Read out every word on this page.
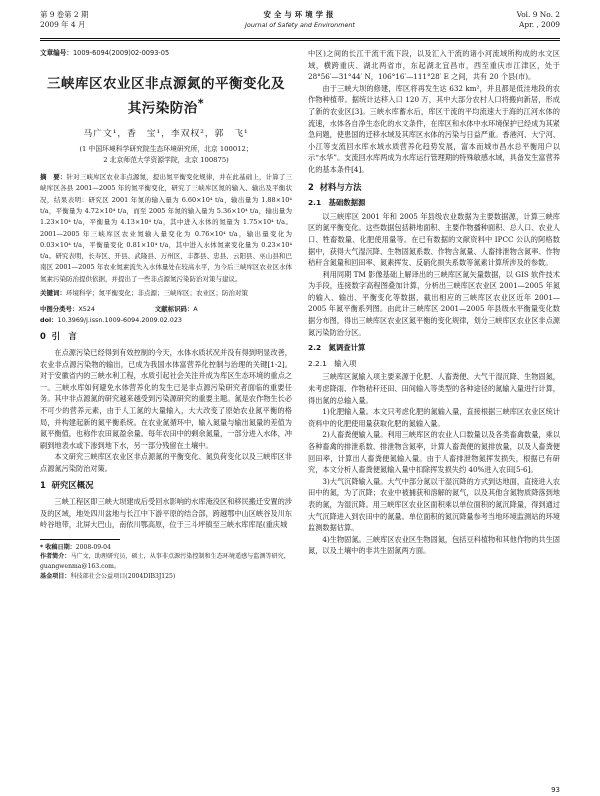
第 9 卷第 2 期
2009 年 4 月
安全与环境学报
Journal of Safety and Environment
Vol. 9 No. 2
Apr. , 2009

文章编号：1009-6094(2009)02-0093-05

三峡库区农业区非点源氮的平衡变化及其污染防治*
马广文¹，香　宝¹，李双权²，郭　飞¹
(1 中国环境科学研究院生态环境研究所，北京 100012；
2 北京师范大学资源学院，北京 100875)

摘　要：针对三峡库区农业非点源氮，提出氮平衡变化规律，并在此基础上，计算了三峡库区各县 2001—2005 年的氮平衡变化，研究了三峡库区氮的输入、输出及平衡状况，结果表明：研究区 2001 年氮的输入量为 6.60×10⁴ t/a，输出量为 1.88×10⁴ t/a，平衡量为 4.72×10⁴ t/a，而至 2005 年氮的输入量为 5.36×10⁴ t/a，输出量为 1.23×10⁴ t/a，平衡量为 4.13×10⁴ t/a，其中进入水体的氮量为 1.75×10⁴ t/a。2001—2005 年三峡库区农业氮输入量变化为 0.76×10⁴ t/a，输出量变化为 0.03×10⁴ t/a，平衡量变化 0.81×10⁴ t/a，其中进入水体氮素变化量为 0.23×10⁴ t/a。研究表明，长寿区、开县、武隆县、万州区、丰都县、忠县、云阳县、巫山县和巴南区 2001—2005 年农业氮素流失入水体量处在较高水平，为今后三峡库区农业区水体氮素污染防治提供依据，并提出了一些非点源氮污染防治对策与建议。

关键词：环境科学；氮平衡变化；非点源；三峡库区；农业区；防治对策

中图分类号：X524	文献标识码：A

doi：10.3969/j.issn.1009-6094.2009.02.023

0 引　言

在点源污染已经得到有效控制的今天，水体水质状况并没有得到明显改善，农业非点源污染物的输出，已成为我国水体富营养化控制与治理的关键[1-2]。对于安徽省内的三峡水利工程，水质引起社会关注并成为库区生态环境的重点之一。三峡水库如何避免水体营养化的发生已是非点源污染研究者面临的重要任务。其中非点源氮的研究越来越受到污染源研究的重要主题。氮是农作物生长必不可少的营养元素，由于人工氮的大量输入，大大改变了原始农业氮平衡的格局，并构建起新的氮平衡系统。在农业氮循环中，输入氮量与输出氮量的差值为氮平衡值，也称作农田氮盈余量。每年农田中的剩余氮量，一部分进入水体，冲刷到地表水或下渗到地下水，另一部分残留在土壤中。

本文研究三峡库区农业区非点源氮的平衡变化、氮负荷变化以及三峡库区非点源氮污染防治对策。

1 研究区概况

三峡工程区即三峡大坝建成后受回水影响的水库淹没区和移民搬迁安置的涉及的区域，地处四川盆地与长江中下游平原的结合部，跨越鄂中山区峡谷及川东岭谷地带，北屏大巴山，南依川鄂高原，位于三斗坪镇至三峡水库库尾(重庆城

* 收稿日期：2008-09-04

作者简介：马广文，助理研究员，硕士，从事非点源污染控制和生态环境遥感与监测等研究，guangwenma@163.com。

基金项目：科技部社会公益项目(2004DIB3J125)

中区)之间的长江干流干流下段，以及汇入干流的诸小河流域所构成的水文区域，横跨重庆、湖北两省市，东起湖北宜昌市，西至重庆市江津区，处于 28°56′—31°44′ N，106°16′—111°28′ E 之间，共有 20 个县(市)。

由于三峡大坝的修建，库区将再发生达 632 km²，并且都是低洼地段的农作物种植带。据统计达移入口 120 万，其中大部分农村人口将搬向新居，形成了新的农业区[3]。三峡水库蓄水后，库区干流的平均流速大于海的江河水体的流速，水体各自净生态化的水文条件，在库区和水体中水环境保护已经成为其紧急问题，使患国的迁移水域及其库区水体的污染与日益严重。香港河、大宁河、小江等支流回水库水域水质营养化趋势发展，富本而城市昌水总平衡用户以示“水华”。支流回水库两成为水库运行管理期的特殊敏感水域，具备发生富营养化的基本条件[4]。

2 材料与方法
2.1　基础数据源

以三峡库区 2001 年和 2005 年县级农业数据为主要数据源，计算三峡库区的氮平衡变化。这些数据包括耕地面积、主要作物播种面积、总人口、农业人口、牲畜数量、化肥使用量等。在已有数据的文献资料中 IPCC 公认的阿格数据中，获得大气湿沉降、生物固氮系数、作物含氮量、人畜排泄物含氮率、作物秸秆含氮量和回田率、氮素挥发、反硝化损失系数等氮素计算所涉及的参数。

利用同期 TM 影像基础上解译出的三峡库区氮矢量数据，以 GIS 软件技术为手段，连接数字高程图叠加计算，分析出三峡库区农业区 2001—2005 年氮的输入、输出、平衡变化等数据，截出相应的三峡库区农业区近年 2001—2005 年氮平衡系列图。由此计三峡库区 2001—2005 年县级水平衡量变化数据分布图，得出三峡库区农业区氮平衡的变化规律，划分三峡库区农业区非点源氮污染防治分区。

2.2　氮调查计算
2.2.1　输入项

三峡库区氮输入项主要来源于化肥、人畜粪便、大气干湿沉降、生物固氮，未考虑降雨、作物秸秆还田、田间输入等类型的各种途径的氮输入量进行计算，得出氮的总输入量。

1)化肥输入量。本文只考虑化肥的氮输入量，直接根据三峡库区农业区统计资料中的化肥使用量获取化肥的氮输入量。

2)人畜粪便输入量。利用三峡库区的农业人口数量以及各类畜禽数量，乘以各种畜禽的排泄系数、排泄物含氮率，计算人畜粪便的氮排放量，以及人畜粪便回田率，计算出人畜粪便氮输入量。由于人畜排泄物氮挥发损失，根据已有研究，本文分析人畜粪便氮输入量中扣除挥发损失约 40%进入农田[5-6]。

3)大气沉降输入量。大气中部分氮以干湿沉降的方式到达地面，直接进入农田中的氮，为了沉降；农业中被捕获和溶解的氮气，以及其他含氮物质降落到地表的氮，为湿沉降。用三峡库区农业区面积乘以单位面积的氮沉降量，得到通过大气沉降进入到农田中的氮量。单位面积的氮沉降量参考当地环境监测站的环境监测数据估算。

4)生物固氮。三峡库区农业区生物固氮，包括豆科植物和其他作物的共生固氮，以及土壤中的非共生固氮两方面。

93
